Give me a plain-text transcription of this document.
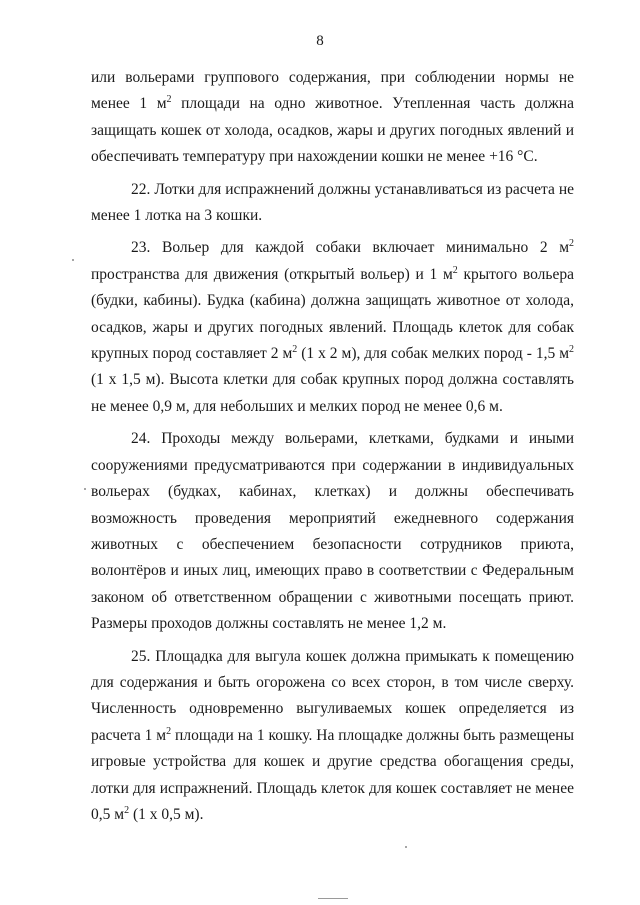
8

или вольерами группового содержания, при соблюдении нормы не менее 1 $м^2$ площади на одно животное. Утепленная часть должна защищать кошек от холода, осадков, жары и других погодных явлений и обеспечивать температуру при нахождении кошки не менее +16 °C.

22. Лотки для испражнений должны устанавливаться из расчета не менее 1 лотка на 3 кошки.

23. Вольер для каждой собаки включает минимально 2 $м^2$ пространства для движения (открытый вольер) и 1 $м^2$ крытого вольера (будки, кабины). Будка (кабина) должна защищать животное от холода, осадков, жары и других погодных явлений. Площадь клеток для собак крупных пород составляет 2 $м^2$ (1 х 2 м), для собак мелких пород - 1,5 $м^2$ (1 х 1,5 м). Высота клетки для собак крупных пород должна составлять не менее 0,9 м, для небольших и мелких пород не менее 0,6 м.

24. Проходы между вольерами, клетками, будками и иными сооружениями предусматриваются при содержании в индивидуальных вольерах (будках, кабинах, клетках) и должны обеспечивать возможность проведения мероприятий ежедневного содержания животных с обеспечением безопасности сотрудников приюта, волонтёров и иных лиц, имеющих право в соответствии с Федеральным законом об ответственном обращении с животными посещать приют. Размеры проходов должны составлять не менее 1,2 м.

25. Площадка для выгула кошек должна примыкать к помещению для содержания и быть огорожена со всех сторон, в том числе сверху. Численность одновременно выгуливаемых кошек определяется из расчета 1 $м^2$ площади на 1 кошку. На площадке должны быть размещены игровые устройства для кошек и другие средства обогащения среды, лотки для испражнений. Площадь клеток для кошек составляет не менее 0,5 $м^2$ (1 х 0,5 м).
